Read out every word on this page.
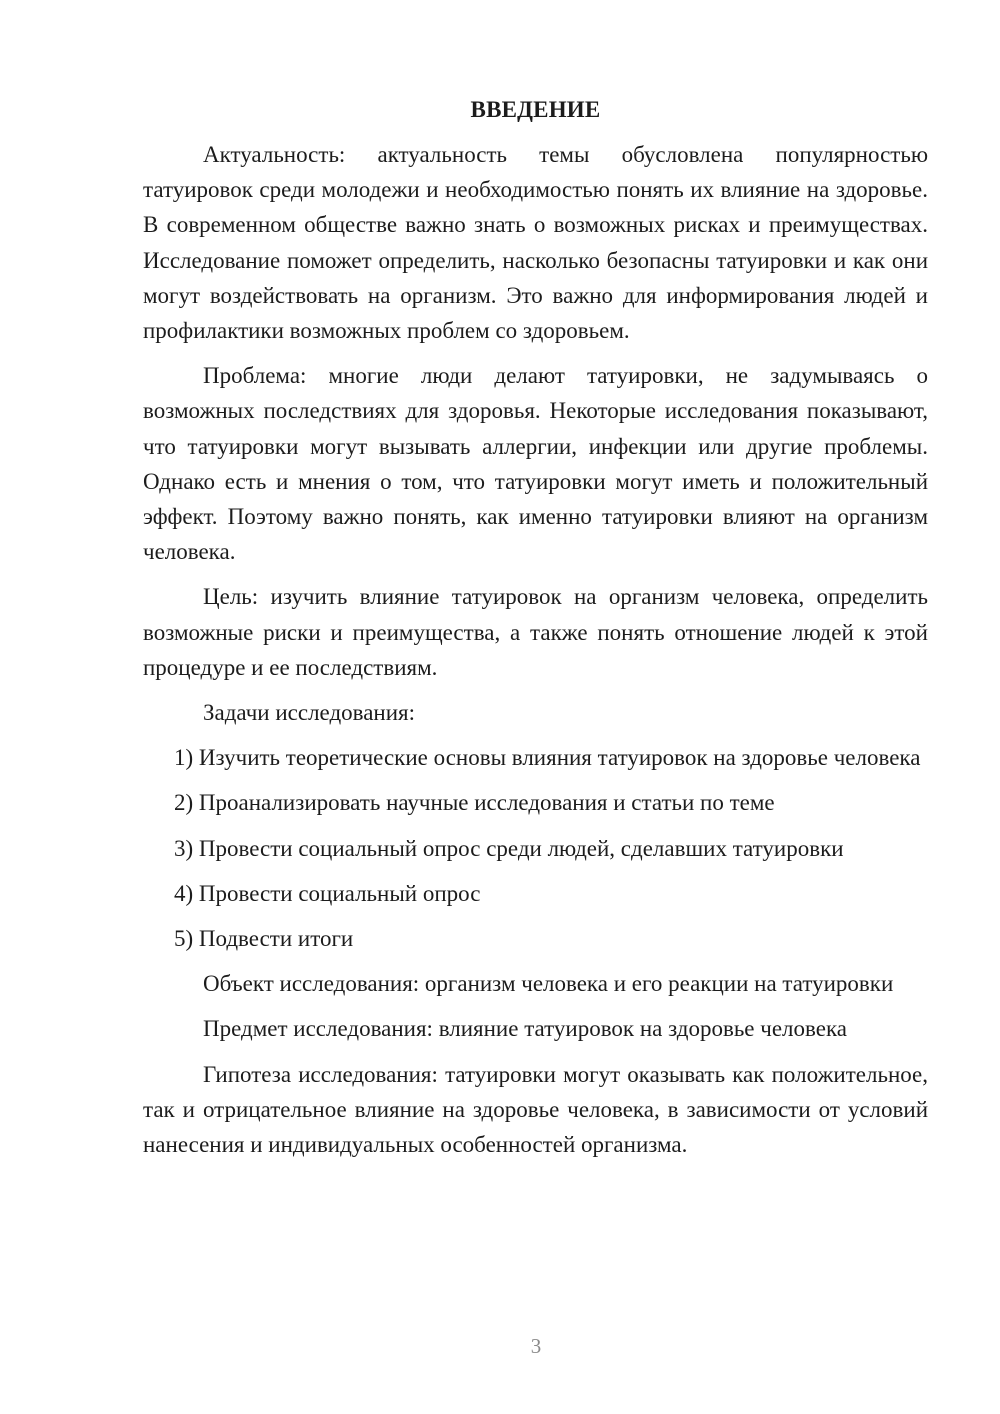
ВВЕДЕНИЕ

Актуальность: актуальность темы обусловлена популярностью татуировок среди молодежи и необходимостью понять их влияние на здоровье. В современном обществе важно знать о возможных рисках и преимуществах. Исследование поможет определить, насколько безопасны татуировки и как они могут воздействовать на организм. Это важно для информирования людей и профилактики возможных проблем со здоровьем.

Проблема: многие люди делают татуировки, не задумываясь о возможных последствиях для здоровья. Некоторые исследования показывают, что татуировки могут вызывать аллергии, инфекции или другие проблемы. Однако есть и мнения о том, что татуировки могут иметь и положительный эффект. Поэтому важно понять, как именно татуировки влияют на организм человека.

Цель: изучить влияние татуировок на организм человека, определить возможные риски и преимущества, а также понять отношение людей к этой процедуре и ее последствиям.

Задачи исследования:

1) Изучить теоретические основы влияния татуировок на здоровье человека

2) Проанализировать научные исследования и статьи по теме

3) Провести социальный опрос среди людей, сделавших татуировки

4) Провести социальный опрос

5) Подвести итоги

Объект исследования: организм человека и его реакции на татуировки

Предмет исследования: влияние татуировок на здоровье человека

Гипотеза исследования: татуировки могут оказывать как положительное, так и отрицательное влияние на здоровье человека, в зависимости от условий нанесения и индивидуальных особенностей организма.

3
